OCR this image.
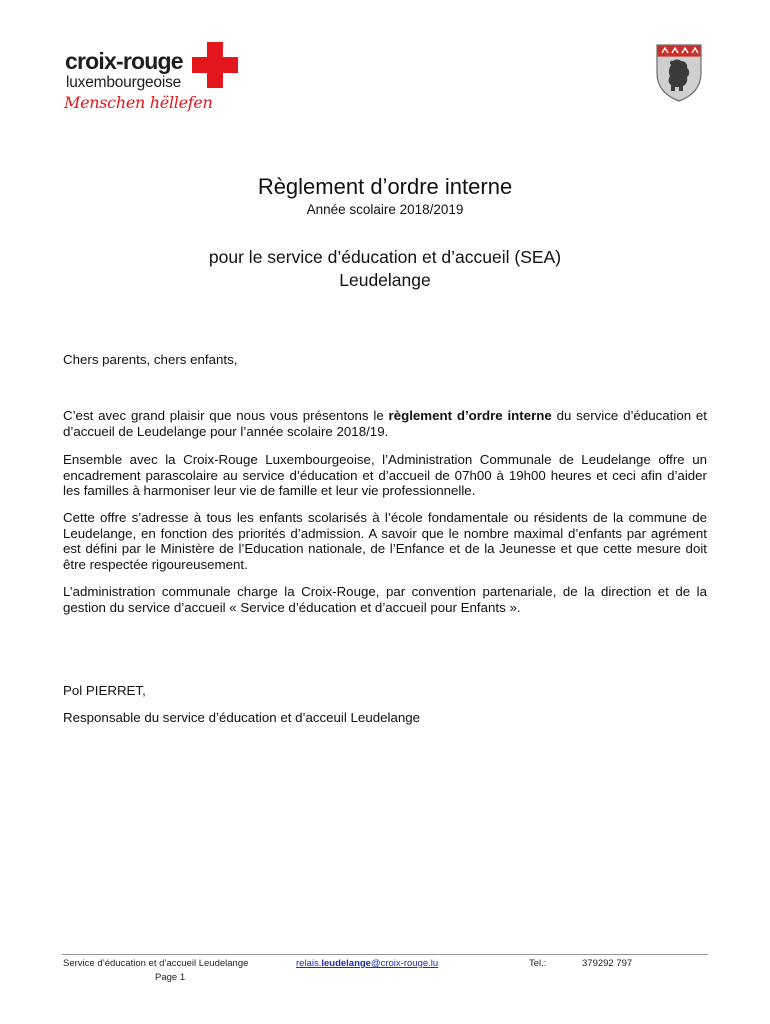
croix-rouge
luxembourgeoise
Menschen hëllefen
Règlement d’ordre interne
Année scolaire 2018/2019
pour le service d’éducation et d’accueil (SEA)
Leudelange

Chers parents, chers enfants,

C’est avec grand plaisir que nous vous présentons le règlement d’ordre interne du service d’éducation et d’accueil de Leudelange pour l’année scolaire 2018/19.

Ensemble avec la Croix-Rouge Luxembourgeoise, l’Administration Communale de Leudelange offre un encadrement parascolaire au service d’éducation et d’accueil de 07h00 à 19h00 heures et ceci afin d’aider les familles à harmoniser leur vie de famille et leur vie professionnelle.

Cette offre s’adresse à tous les enfants scolarisés à l’école fondamentale ou résidents de la commune de Leudelange, en fonction des priorités d’admission. A savoir que le nombre maximal d’enfants par agrément est défini par le Ministère de l’Education nationale, de l’Enfance et de la Jeunesse et que cette mesure doit être respectée rigoureusement.

L’administration communale charge la Croix-Rouge, par convention partenariale, de la direction et de la gestion du service d’accueil « Service d’éducation et d’accueil pour Enfants ».

Pol PIERRET,

Responsable du service d’éducation et d’acceuil Leudelange

Service d’éducation et d’accueil Leudelange
Page 1
relais.leudelange@croix-rouge.lu	Tel.:	379292 797
